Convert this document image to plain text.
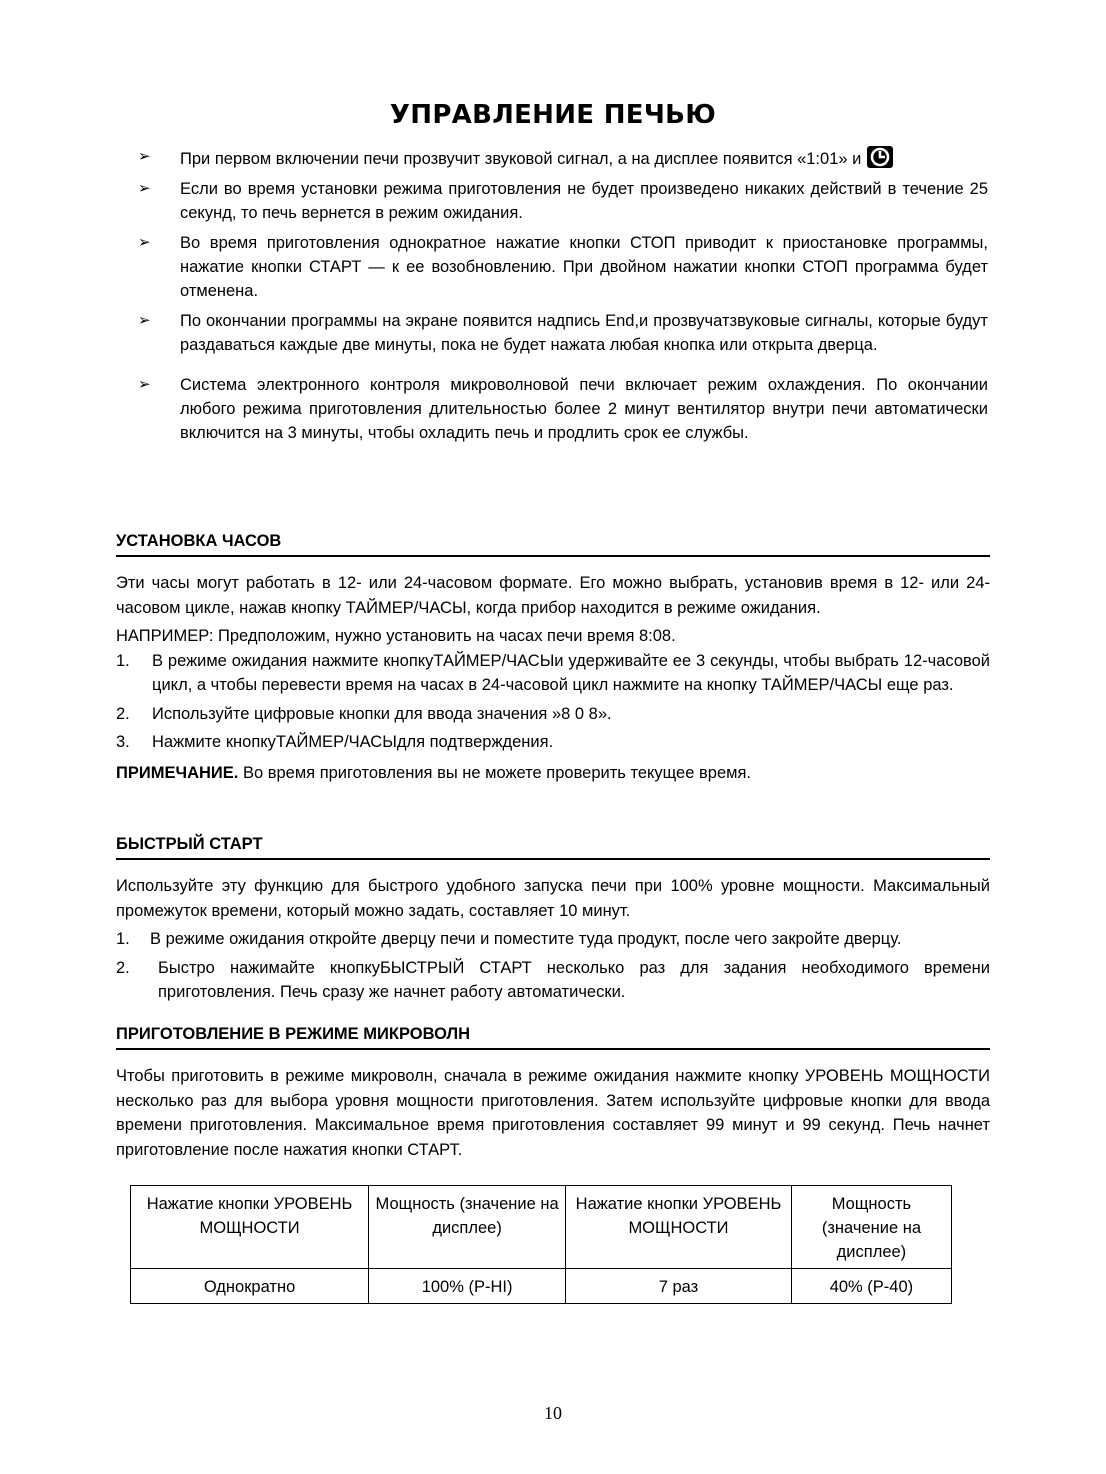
УПРАВЛЕНИЕ ПЕЧЬЮ
➢ При первом включении печи прозвучит звуковой сигнал, а на дисплее появится «1:01» и
➢ Если во время установки режима приготовления не будет произведено никаких действий в течение 25 секунд, то печь вернется в режим ожидания.
➢ Во время приготовления однократное нажатие кнопки СТОП приводит к приостановке программы, нажатие кнопки СТАРТ — к ее возобновлению. При двойном нажатии кнопки СТОП программа будет отменена.
➢ По окончании программы на экране появится надпись End,и прозвучатзвуковые сигналы, которые будут раздаваться каждые две минуты, пока не будет нажата любая кнопка или открыта дверца.
➢ Система электронного контроля микроволновой печи включает режим охлаждения. По окончании любого режима приготовления длительностью более 2 минут вентилятор внутри печи автоматически включится на 3 минуты, чтобы охладить печь и продлить срок ее службы.
УСТАНОВКА ЧАСОВ
Эти часы могут работать в 12- или 24-часовом формате. Его можно выбрать, установив время в 12- или 24-часовом цикле, нажав кнопку ТАЙМЕР/ЧАСЫ, когда прибор находится в режиме ожидания.
НАПРИМЕР: Предположим, нужно установить на часах печи время 8:08.
1. В режиме ожидания нажмите кнопкуТАЙМЕР/ЧАСЫи удерживайте ее 3 секунды, чтобы выбрать 12-часовой цикл, а чтобы перевести время на часах в 24-часовой цикл нажмите на кнопку ТАЙМЕР/ЧАСЫ еще раз.
2. Используйте цифровые кнопки для ввода значения »8 0 8».
3. Нажмите кнопкуТАЙМЕР/ЧАСЫдля подтверждения.
ПРИМЕЧАНИЕ. Во время приготовления вы не можете проверить текущее время.
БЫСТРЫЙ СТАРТ
Используйте эту функцию для быстрого удобного запуска печи при 100% уровне мощности. Максимальный промежуток времени, который можно задать, составляет 10 минут.
1. В режиме ожидания откройте дверцу печи и поместите туда продукт, после чего закройте дверцу.
2. Быстро нажимайте кнопкуБЫСТРЫЙ СТАРТ несколько раз для задания необходимого времени приготовления. Печь сразу же начнет работу автоматически.
ПРИГОТОВЛЕНИЕ В РЕЖИМЕ МИКРОВОЛН
Чтобы приготовить в режиме микроволн, сначала в режиме ожидания нажмите кнопку УРОВЕНЬ МОЩНОСТИ несколько раз для выбора уровня мощности приготовления. Затем используйте цифровые кнопки для ввода времени приготовления. Максимальное время приготовления составляет 99 минут и 99 секунд. Печь начнет приготовление после нажатия кнопки СТАРТ.
Нажатие кнопки УРОВЕНЬ МОЩНОСТИ	Мощность (значение на дисплее)	Нажатие кнопки УРОВЕНЬ МОЩНОСТИ	Мощность (значение на дисплее)
Однократно	100% (P-HI)	7 раз	40% (P-40)
10
